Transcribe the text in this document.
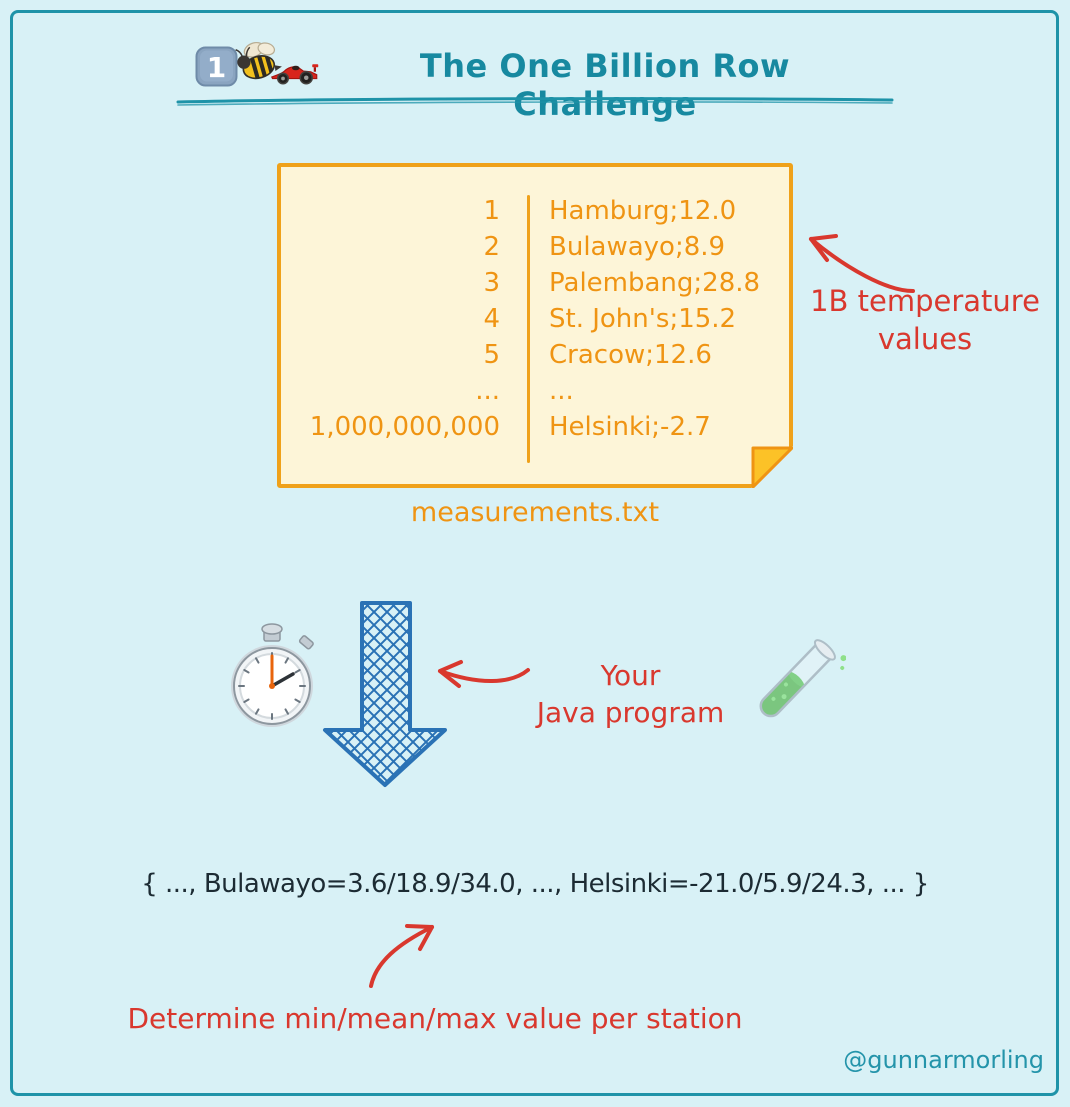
1	The One Billion Row Challenge
1	Hamburg;12.0
2	Bulawayo;8.9
3	Palembang;28.8
4	St. John's;15.2
5	Cracow;12.6
...	...
1,000,000,000	Helsinki;-2.7
measurements.txt
1B temperature
values
Your
Java program
{ ..., Bulawayo=3.6/18.9/34.0, ..., Helsinki=-21.0/5.9/24.3, ... }
Determine min/mean/max value per station
@gunnarmorling
